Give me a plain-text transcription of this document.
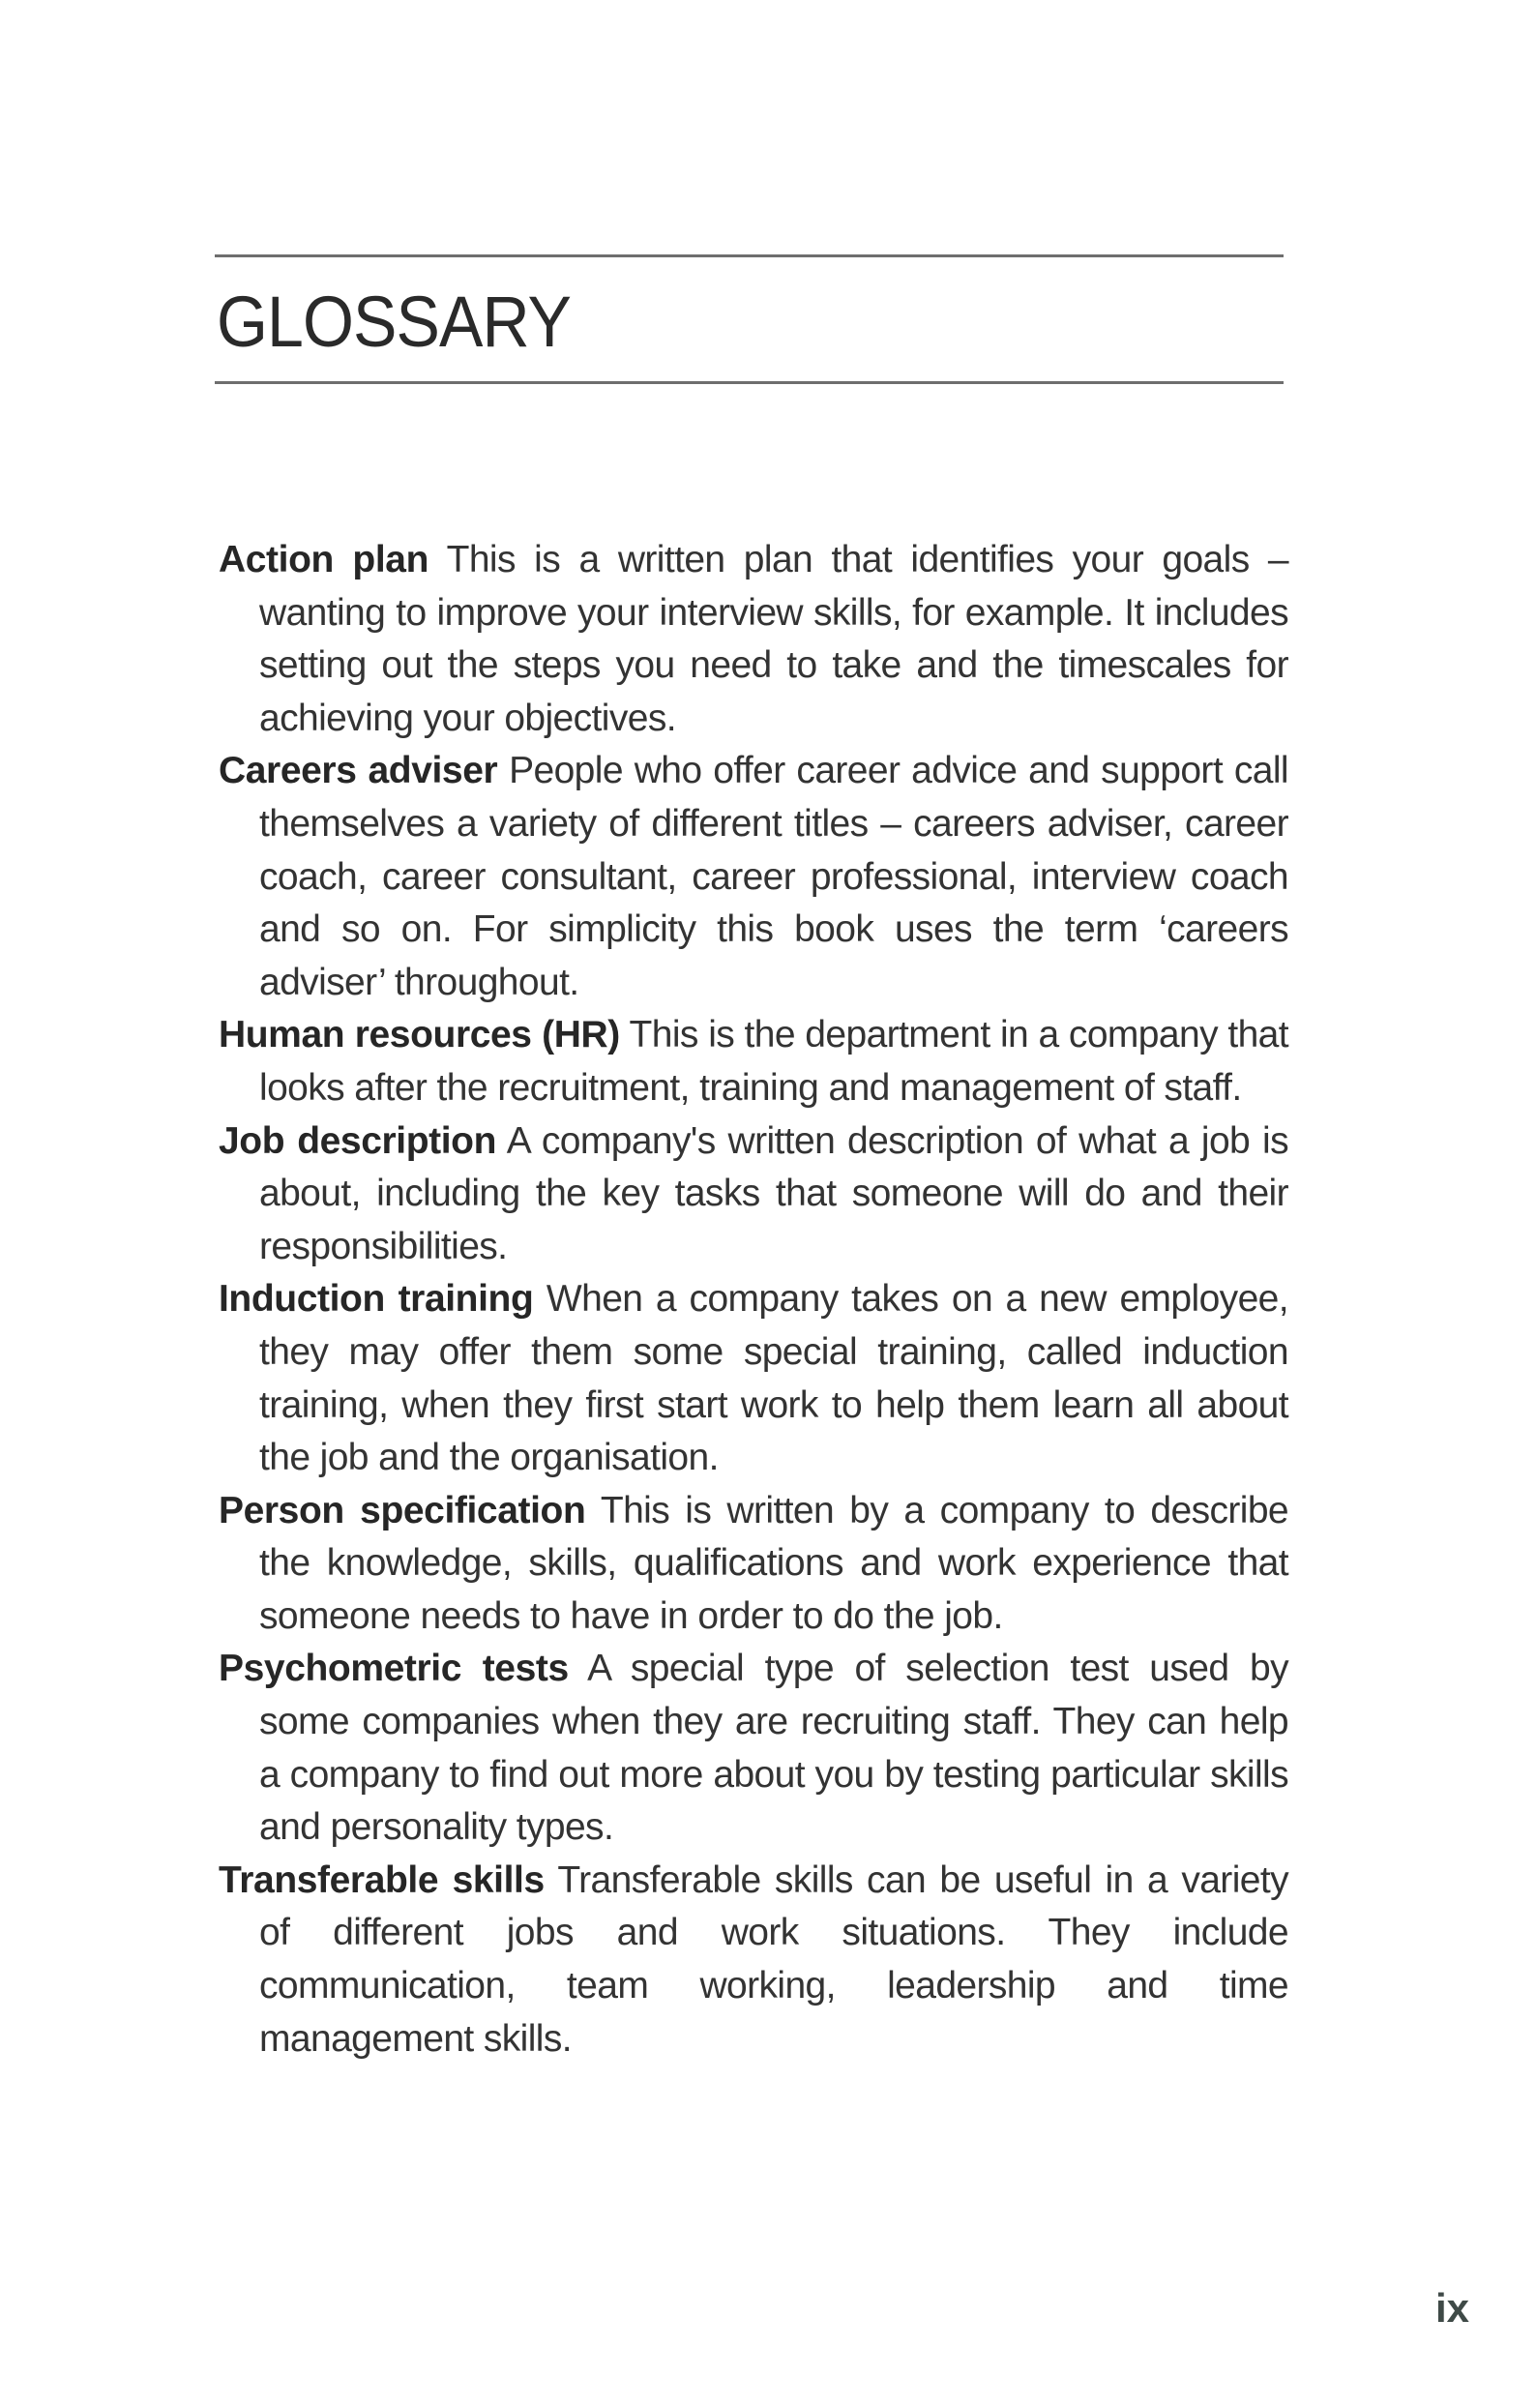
GLOSSARY
Action plan This is a written plan that identifies your goals – wanting to improve your interview skills, for example. It includes setting out the steps you need to take and the timescales for achieving your objectives.
Careers adviser People who offer career advice and support call themselves a variety of different titles – careers adviser, career coach, career consultant, career professional, interview coach and so on. For simplicity this book uses the term ‘careers adviser’ throughout.
Human resources (HR) This is the department in a company that looks after the recruitment, training and management of staff.
Job description A company's written description of what a job is about, including the key tasks that someone will do and their responsibilities.
Induction training When a company takes on a new employee, they may offer them some special training, called induction training, when they first start work to help them learn all about the job and the organisation.
Person specification This is written by a company to describe the knowledge, skills, qualifications and work experience that someone needs to have in order to do the job.
Psychometric tests A special type of selection test used by some companies when they are recruiting staff. They can help a company to find out more about you by testing particular skills and personality types.
Transferable skills Transferable skills can be useful in a variety of different jobs and work situations. They include communication, team working, leadership and time management skills.
ix
